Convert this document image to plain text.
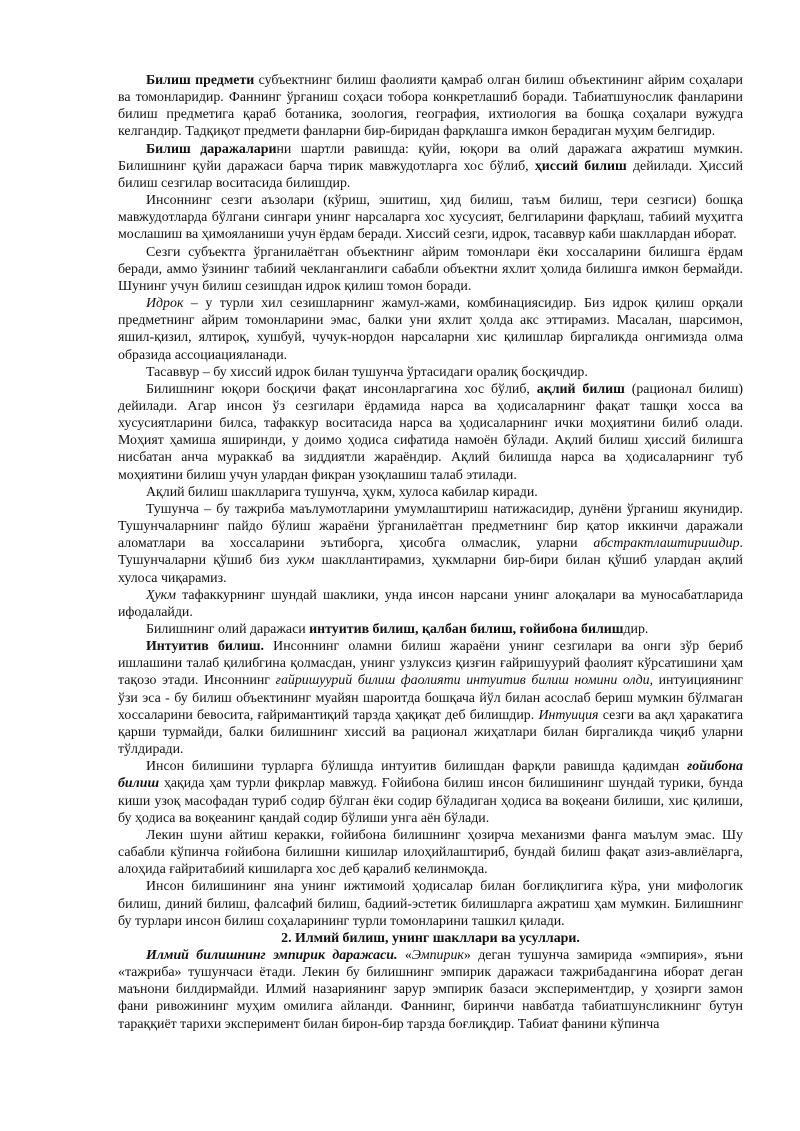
Билиш предмети субъектнинг билиш фаолияти қамраб олган билиш объектининг айрим соҳалари ва томонларидир. Фаннинг ўрганиш соҳаси тобора конкретлашиб боради. Табиатшунослик фанларини билиш предметига қараб ботаника, зоология, география, ихтиология ва бошқа соҳалари вужудга келгандир. Тадқиқот предмети фанларни бир-биридан фарқлашга имкон берадиган муҳим белгидир.

Билиш даражаларини шартли равишда: қуйи, юқори ва олий даражага ажратиш мумкин. Билишнинг қуйи даражаси барча тирик мавжудотларга хос бўлиб, ҳиссий билиш дейилади. Ҳиссий билиш сезгилар воситасида билишдир.

Инсоннинг сезги аъзолари (кўриш, эшитиш, ҳид билиш, таъм билиш, тери сезгиси) бошқа мавжудотларда бўлгани сингари унинг нарсаларга хос хусусият, белгиларини фарқлаш, табиий муҳитга мослашиш ва ҳимояланиши учун ёрдам беради. Хиссий сезги, идрок, тасаввур каби шакллардан иборат.

Сезги субъектга ўрганилаётган объектнинг айрим томонлари ёки хоссаларини билишга ёрдам беради, аммо ўзининг табиий чекланганлиги сабабли объектни яхлит ҳолида билишга имкон бермайди. Шунинг учун билиш сезишдан идрок қилиш томон боради.

Идрок – у турли хил сезишларнинг жамул-жами, комбинациясидир. Биз идрок қилиш орқали предметнинг айрим томонларини эмас, балки уни яхлит ҳолда акс эттирамиз. Масалан, шарсимон, яшил-қизил, ялтироқ, хушбуй, чучук-нордон нарсаларни хис қилишлар биргаликда онгимизда олма образида ассоциацияланади.

Тасаввур – бу хиссий идрок билан тушунча ўртасидаги оралиқ босқичдир.

Билишнинг юқори босқичи фақат инсонларгагина хос бўлиб, ақлий билиш (рационал билиш) дейилади. Агар инсон ўз сезгилари ёрдамида нарса ва ҳодисаларнинг фақат ташқи хосса ва хусусиятларини билса, тафаккур воситасида нарса ва ҳодисаларнинг ички моҳиятини билиб олади. Моҳият ҳамиша яширинди, у доимо ҳодиса сифатида намоён бўлади. Ақлий билиш ҳиссий билишга нисбатан анча мураккаб ва зиддиятли жараёндир. Ақлий билишда нарса ва ҳодисаларнинг туб моҳиятини билиш учун улардан фикран узоқлашиш талаб этилади.

Ақлий билиш шаклларига тушунча, ҳукм, хулоса кабилар киради.

Тушунча – бу тажриба маълумотларини умумлаштириш натижасидир, дунёни ўрганиш якунидир. Тушунчаларнинг пайдо бўлиш жараёни ўрганилаётган предметнинг бир қатор иккинчи даражали аломатлари ва хоссаларини эътиборга, ҳисобга олмаслик, уларни абстрактлаштиришдир. Тушунчаларни қўшиб биз хукм шакллантирамиз, ҳукмларни бир-бири билан қўшиб улардан ақлий хулоса чиқарамиз.

Ҳукм тафаккурнинг шундай шаклики, унда инсон нарсани унинг алоқалари ва муносабатларида ифодалайди.

Билишнинг олий даражаси интуитив билиш, қалбан билиш, ғойибона билишдир.

Интуитив билиш. Инсоннинг оламни билиш жараёни унинг сезгилари ва онги зўр бериб ишлашини талаб қилибгина қолмасдан, унинг узлуксиз қизғин ғайришуурий фаолият кўрсатишини ҳам тақозо этади. Инсоннинг ғайришуурий билиш фаолияти интуитив билиш номини олди, интуициянинг ўзи эса - бу билиш объектининг муайян шароитда бошқача йўл билан асослаб бериш мумкин бўлмаган хоссаларини бевосита, ғайримантиқий тарзда ҳақиқат деб билишдир. Интуиция сезги ва ақл ҳаракатига қарши турмайди, балки билишнинг хиссий ва рационал жиҳатлари билан биргаликда чиқиб уларни тўлдиради.

Инсон билишини турларга бўлишда интуитив билишдан фарқли равишда қадимдан ғойибона билиш ҳақида ҳам турли фикрлар мавжуд. Ғойибона билиш инсон билишининг шундай турики, бунда киши узоқ масофадан туриб содир бўлган ёки содир бўладиган ҳодиса ва воқеани билиши, хис қилиши, бу ҳодиса ва воқеанинг қандай содир бўлиши унга аён бўлади.

Лекин шуни айтиш керакки, ғойибона билишнинг ҳозирча механизми фанга маълум эмас. Шу сабабли кўпинча ғойибона билишни кишилар илоҳийлаштириб, бундай билиш фақат азиз-авлиёларга, алоҳида ғайритабиий кишиларга хос деб қаралиб келинмоқда.

Инсон билишининг яна унинг ижтимоий ҳодисалар билан боғлиқлигига кўра, уни мифологик билиш, диний билиш, фалсафий билиш, бадиий-эстетик билишларга ажратиш ҳам мумкин. Билишнинг бу турлари инсон билиш соҳаларининг турли томонларини ташкил қилади.

2. Илмий билиш, унинг шакллари ва усуллари.

Илмий билишнинг эмпирик даражаси. «Эмпирик» деган тушунча замирида «эмпирия», яъни «тажриба» тушунчаси ётади. Лекин бу билишнинг эмпирик даражаси тажрибадангина иборат деган маънони билдирмайди. Илмий назариянинг зарур эмпирик базаси экспериментдир, у ҳозирги замон фани ривожининг муҳим омилига айланди. Фаннинг, биринчи навбатда табиатшунсликнинг бутун тараққиёт тарихи эксперимент билан бирон-бир тарзда боғлиқдир. Табиат фанини кўпинча
